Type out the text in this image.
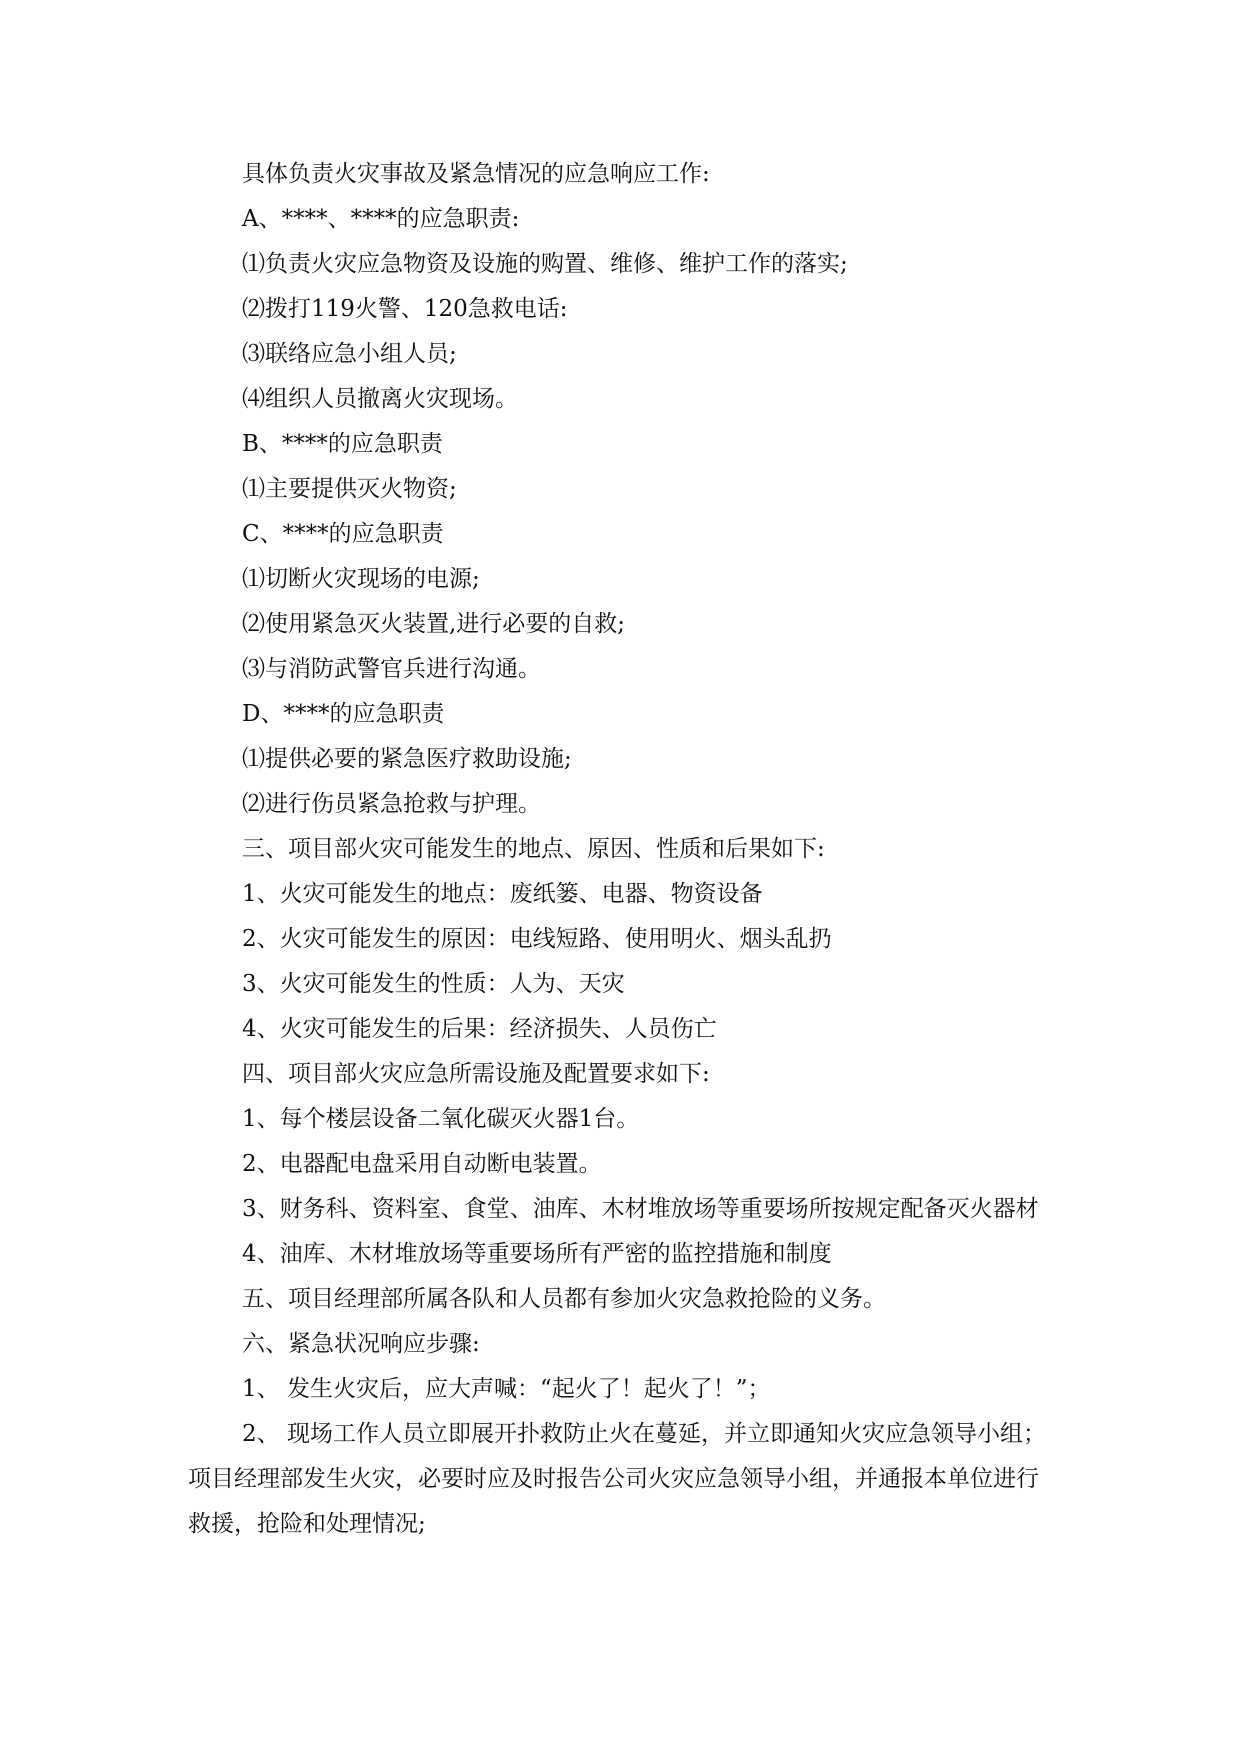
具体负责火灾事故及紧急情况的应急响应工作:
A、****、****的应急职责:
⑴负责火灾应急物资及设施的购置、维修、维护工作的落实;
⑵拨打119火警、120急救电话:
⑶联络应急小组人员;
⑷组织人员撤离火灾现场。
B、****的应急职责
⑴主要提供灭火物资;
C、****的应急职责
⑴切断火灾现场的电源;
⑵使用紧急灭火装置,进行必要的自救;
⑶与消防武警官兵进行沟通。
D、****的应急职责
⑴提供必要的紧急医疗救助设施;
⑵进行伤员紧急抢救与护理。
三、项目部火灾可能发生的地点、原因、性质和后果如下:
1、火灾可能发生的地点：废纸篓、电器、物资设备
2、火灾可能发生的原因：电线短路、使用明火、烟头乱扔
3、火灾可能发生的性质：人为、天灾
4、火灾可能发生的后果：经济损失、人员伤亡
四、项目部火灾应急所需设施及配置要求如下:
1、每个楼层设备二氧化碳灭火器1台。
2、电器配电盘采用自动断电装置。
3、财务科、资料室、食堂、油库、木材堆放场等重要场所按规定配备灭火器材
4、油库、木材堆放场等重要场所有严密的监控措施和制度
五、项目经理部所属各队和人员都有参加火灾急救抢险的义务。
六、紧急状况响应步骤:
1、 发生火灾后，应大声喊：“起火了！起火了！”；

2、 现场工作人员立即展开扑救防止火在蔓延，并立即通知火灾应急领导小组； 项目经理部发生火灾，必要时应及时报告公司火灾应急领导小组，并通报本单位进行救援，抢险和处理情况;
